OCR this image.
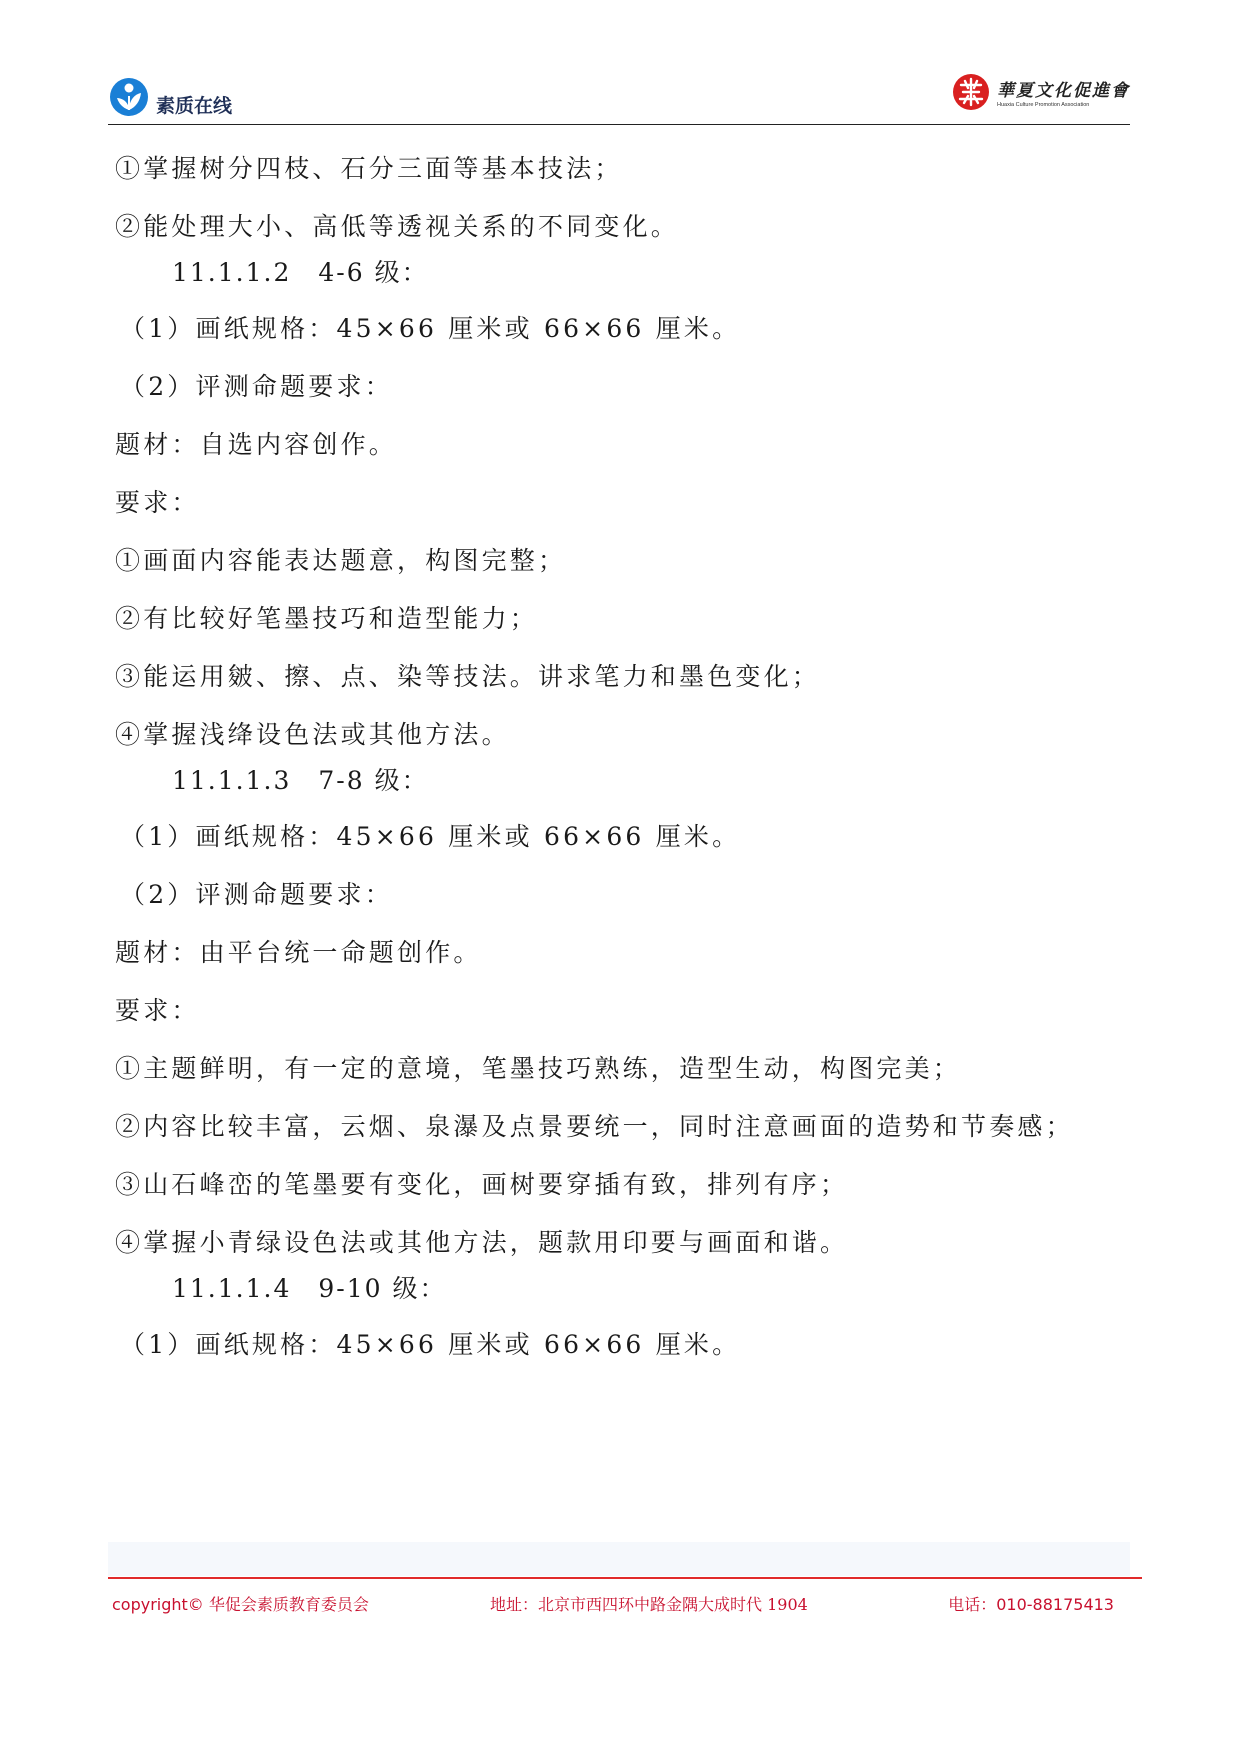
素质在线
華夏文化促進會
Huaxia Culture Promotion Association
①掌握树分四枝、石分三面等基本技法；
②能处理大小、高低等透视关系的不同变化。
11.1.1.2　4-6 级：
（1）画纸规格：45×66 厘米或 66×66 厘米。
（2）评测命题要求：
题材：自选内容创作。
要求：
①画面内容能表达题意，构图完整；
②有比较好笔墨技巧和造型能力；
③能运用皴、擦、点、染等技法。讲求笔力和墨色变化；
④掌握浅绛设色法或其他方法。
11.1.1.3　7-8 级：
（1）画纸规格：45×66 厘米或 66×66 厘米。
（2）评测命题要求：
题材：由平台统一命题创作。
要求：
①主题鲜明，有一定的意境，笔墨技巧熟练，造型生动，构图完美；
②内容比较丰富，云烟、泉瀑及点景要统一，同时注意画面的造势和节奏感；
③山石峰峦的笔墨要有变化，画树要穿插有致，排列有序；
④掌握小青绿设色法或其他方法，题款用印要与画面和谐。
11.1.1.4　9-10 级：
（1）画纸规格：45×66 厘米或 66×66 厘米。
copyright© 华促会素质教育委员会	地址：北京市西四环中路金隅大成时代 1904	电话：010-88175413
